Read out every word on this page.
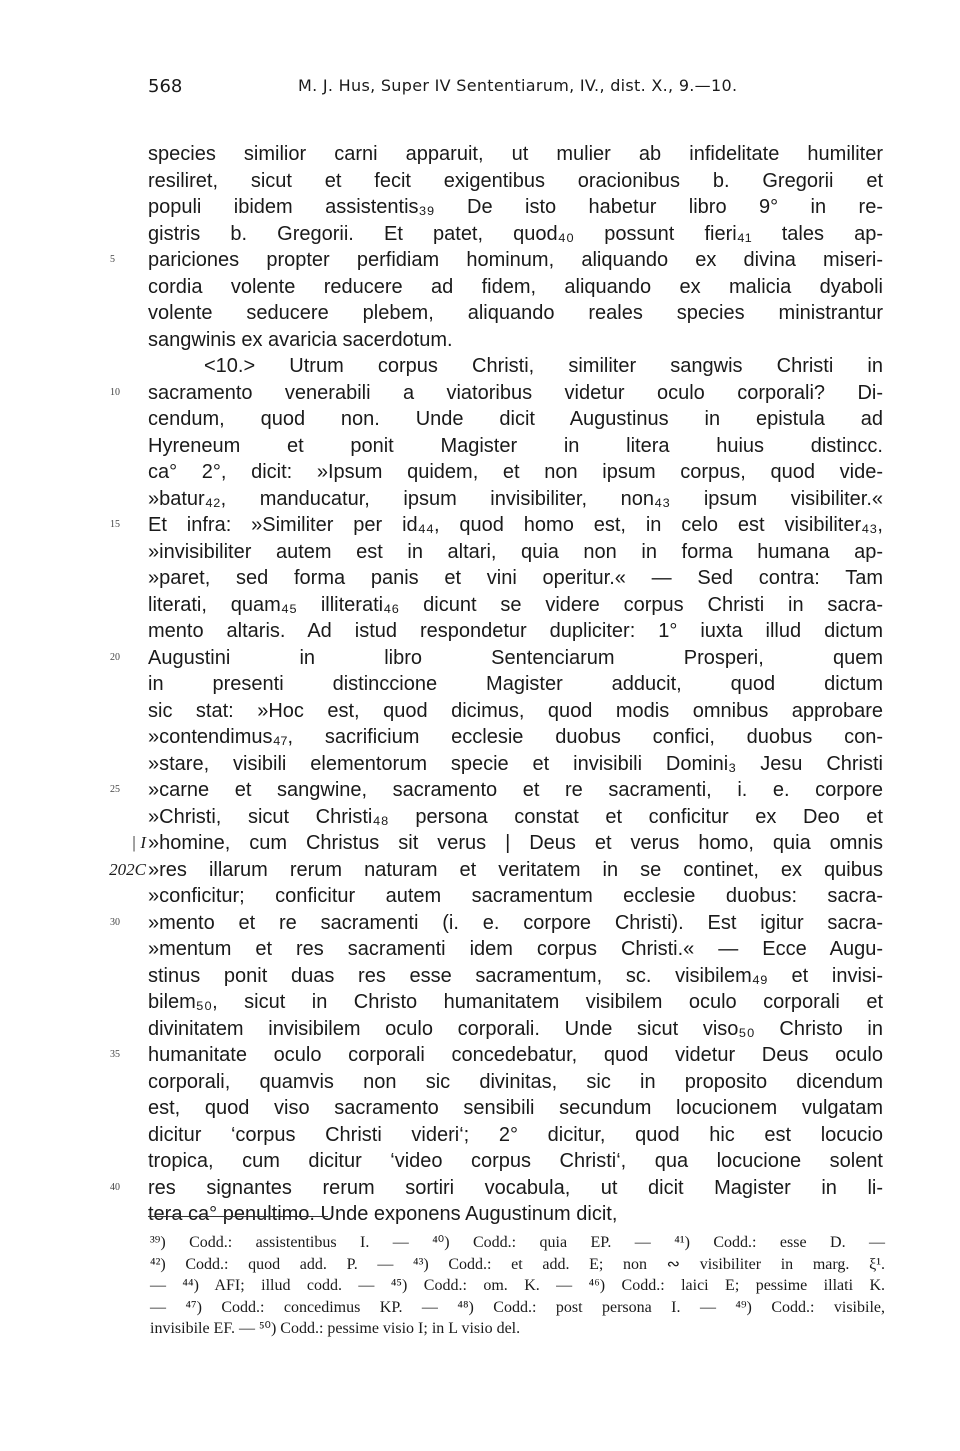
568	M. J. Hus, Super IV Sententiarum, IV., dist. X., 9.—10.
species similior carni apparuit, ut mulier ab infidelitate humiliter
resiliret, sicut et fecit exigentibus oracionibus b. Gregorii et
populi ibidem assistentis₃₉ De isto habetur libro 9° in re-
gistris b. Gregorii. Et patet, quod₄₀ possunt fieri₄₁ tales ap-
5	pariciones propter perfidiam hominum, aliquando ex divina miseri-
cordia volente reducere ad fidem, aliquando ex malicia dyaboli
volente seducere plebem, aliquando reales species ministrantur
sangwinis ex avaricia sacerdotum.
<10.> Utrum corpus Christi, similiter sangwis Christi in
10	sacramento venerabili a viatoribus videtur oculo corporali? Di-
cendum, quod non. Unde dicit Augustinus in epistula ad
Hyreneum et ponit Magister in litera huius distincc.
ca° 2°, dicit: »Ipsum quidem, et non ipsum corpus, quod vide-
»batur₄₂, manducatur, ipsum invisibiliter, non₄₃ ipsum visibiliter.«
15	Et infra: »Similiter per id₄₄, quod homo est, in celo est visibiliter₄₃,
»invisibiliter autem est in altari, quia non in forma humana ap-
»paret, sed forma panis et vini operitur.« — Sed contra: Tam
literati, quam₄₅ illiterati₄₆ dicunt se videre corpus Christi in sacra-
mento altaris. Ad istud respondetur dupliciter: 1° iuxta illud dictum
20	Augustini in libro Sentenciarum Prosperi, quem
in presenti distinccione Magister adducit, quod dictum
sic stat: »Hoc est, quod dicimus, quod modis omnibus approbare
»contendimus₄₇, sacrificium ecclesie duobus confici, duobus con-
»stare, visibili elementorum specie et invisibili Domini₃ Jesu Christi
25	»carne et sangwine, sacramento et re sacramenti, i. e. corpore
»Christi, sicut Christi₄₈ persona constat et conficitur ex Deo et
| I »homine, cum Christus sit verus | Deus et verus homo, quia omnis
202C »res illarum rerum naturam et veritatem in se continet, ex quibus
»conficitur; conficitur autem sacramentum ecclesie duobus: sacra-
30	»mento et re sacramenti (i. e. corpore Christi). Est igitur sacra-
»mentum et res sacramenti idem corpus Christi.« — Ecce Augu-
stinus ponit duas res esse sacramentum, sc. visibilem₄₉ et invisi-
bilem₅₀, sicut in Christo humanitatem visibilem oculo corporali et
divinitatem invisibilem oculo corporali. Unde sicut viso₅₀ Christo in
35	humanitate oculo corporali concedebatur, quod videtur Deus oculo
corporali, quamvis non sic divinitas, sic in proposito dicendum
est, quod viso sacramento sensibili secundum locucionem vulgatam
dicitur ‘corpus Christi videri‘; 2° dicitur, quod hic est locucio
tropica, cum dicitur ‘video corpus Christi‘, qua locucione solent
40	res signantes rerum sortiri vocabula, ut dicit Magister in li-
tera ca° penultimo. Unde exponens Augustinum dicit,
³⁹) Codd.: assistentibus I. — ⁴⁰) Codd.: quia EP. — ⁴¹) Codd.: esse D. —
⁴²) Codd.: quod add. P. — ⁴³) Codd.: et add. E; non ∾ visibiliter in marg. ξ¹.
— ⁴⁴) AFI; illud codd. — ⁴⁵) Codd.: om. K. — ⁴⁶) Codd.: laici E; pessime illati K.
— ⁴⁷) Codd.: concedimus KP. — ⁴⁸) Codd.: post persona I. — ⁴⁹) Codd.: visibile,
invisibile EF. — ⁵⁰) Codd.: pessime visio I; in L visio del.
